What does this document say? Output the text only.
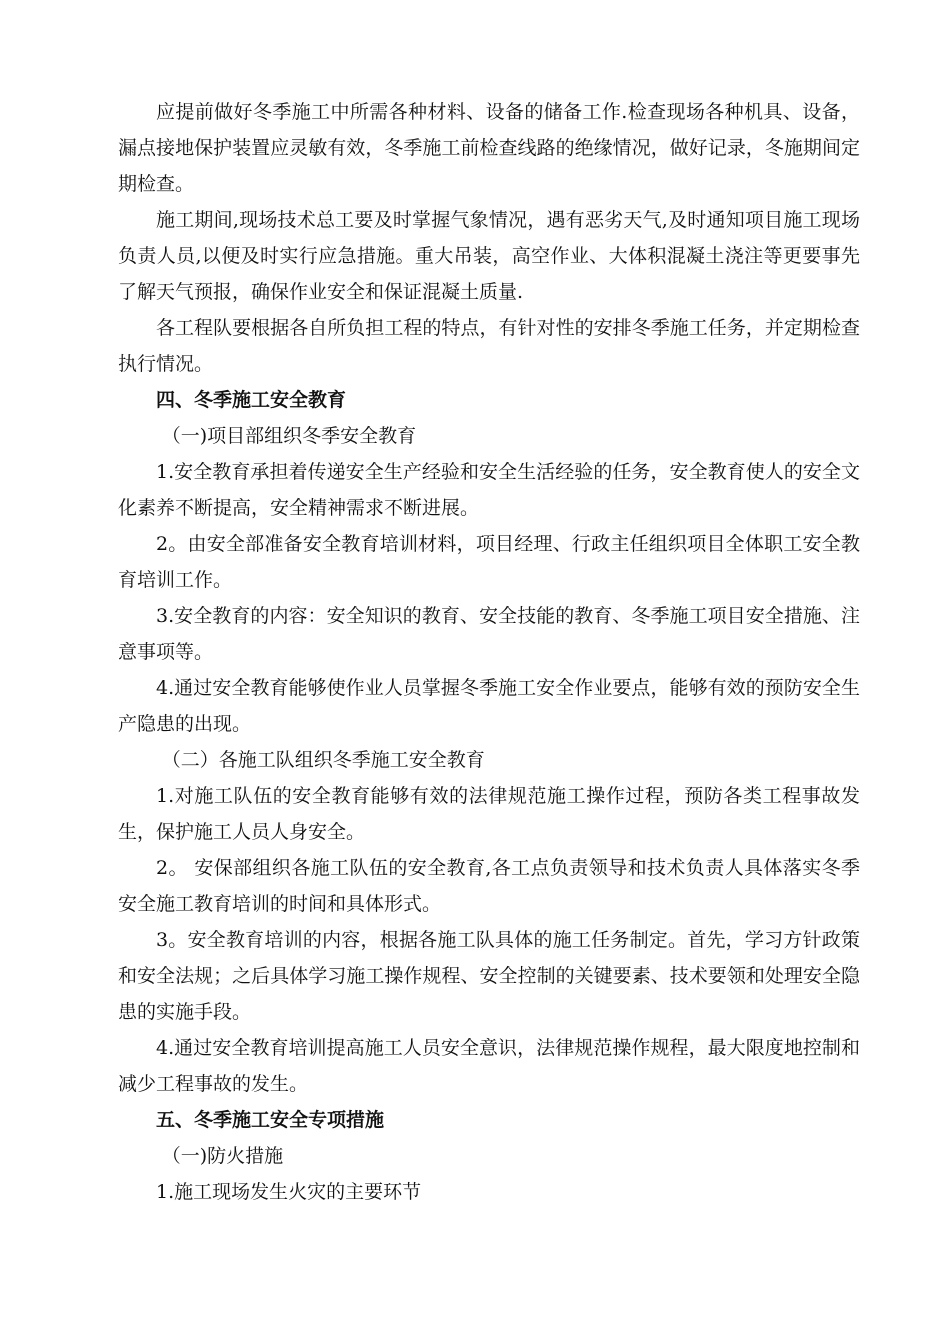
应提前做好冬季施工中所需各种材料、设备的储备工作.检查现场各种机具、设备，漏点接地保护装置应灵敏有效，冬季施工前检查线路的绝缘情况，做好记录，冬施期间定期检查。

施工期间,现场技术总工要及时掌握气象情况，遇有恶劣天气,及时通知项目施工现场负责人员,以便及时实行应急措施。重大吊装，高空作业、大体积混凝土浇注等更要事先了解天气预报，确保作业安全和保证混凝土质量.

各工程队要根据各自所负担工程的特点，有针对性的安排冬季施工任务，并定期检查执行情况。

四、冬季施工安全教育

（一)项目部组织冬季安全教育

1.安全教育承担着传递安全生产经验和安全生活经验的任务，安全教育使人的安全文化素养不断提高，安全精神需求不断进展。

2。由安全部准备安全教育培训材料，项目经理、行政主任组织项目全体职工安全教育培训工作。

3.安全教育的内容：安全知识的教育、安全技能的教育、冬季施工项目安全措施、注意事项等。

4.通过安全教育能够使作业人员掌握冬季施工安全作业要点，能够有效的预防安全生产隐患的出现。

（二）各施工队组织冬季施工安全教育

1.对施工队伍的安全教育能够有效的法律规范施工操作过程，预防各类工程事故发生，保护施工人员人身安全。

2。 安保部组织各施工队伍的安全教育,各工点负责领导和技术负责人具体落实冬季安全施工教育培训的时间和具体形式。

3。安全教育培训的内容，根据各施工队具体的施工任务制定。首先，学习方针政策和安全法规；之后具体学习施工操作规程、安全控制的关键要素、技术要领和处理安全隐患的实施手段。

4.通过安全教育培训提高施工人员安全意识，法律规范操作规程，最大限度地控制和减少工程事故的发生。

五、冬季施工安全专项措施

（一)防火措施

1.施工现场发生火灾的主要环节
